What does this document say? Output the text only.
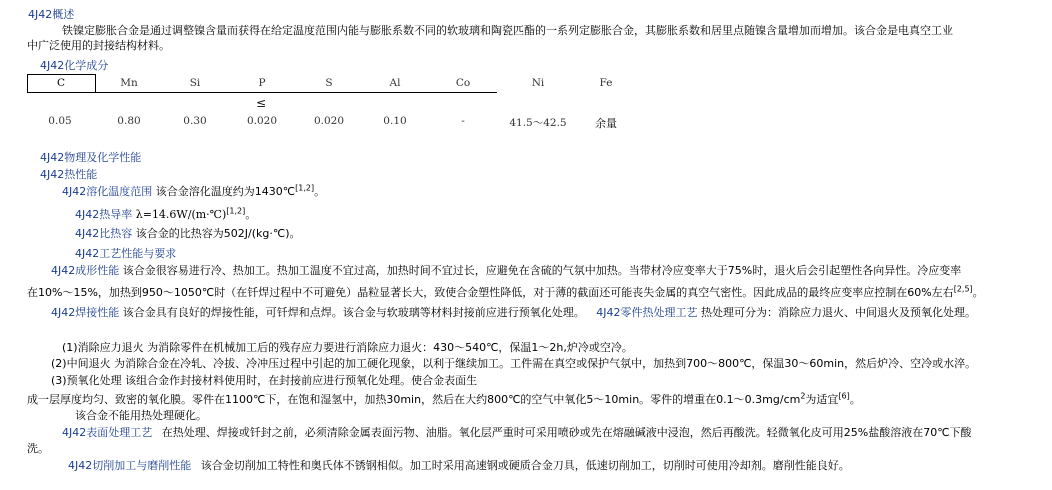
4J42概述
铁镍定膨胀合金是通过调整镍含量而获得在给定温度范围内能与膨胀系数不同的软玻璃和陶瓷匹酯的一系列定膨胀合金，其膨胀系数和居里点随镍含量增加而增加。该合金是电真空工业
中广泛使用的封接结构材料。
4J42化学成分
C	Mn	Si	P	S	Al	Co	Ni	Fe
≤
0.05	0.80	0.30	0.020	0.020	0.10	-	41.5～42.5	余量
4J42物理及化学性能
4J42热性能
4J42溶化温度范围 该合金溶化温度约为1430℃[1,2]。
4J42热导率 λ=14.6W/(m·℃)[1,2]。
4J42比热容 该合金的比热容为502J/(kg·℃)。
4J42工艺性能与要求
4J42成形性能 该合金很容易进行冷、热加工。热加工温度不宜过高，加热时间不宜过长，应避免在含硫的气氛中加热。当带材冷应变率大于75%时，退火后会引起塑性各向异性。冷应变率
在10%～15%，加热到950～1050℃时（在钎焊过程中不可避免）晶粒显著长大，致使合金塑性降低，对于薄的截面还可能丧失金属的真空气密性。因此成品的最终应变率应控制在60%左右[2,5]。
4J42焊接性能 该合金具有良好的焊接性能，可钎焊和点焊。该合金与软玻璃等材料封接前应进行预氧化处理。 4J42零件热处理工艺 热处理可分为：消除应力退火、中间退火及预氧化处理。
(1)消除应力退火 为消除零件在机械加工后的残存应力要进行消除应力退火：430～540℃，保温1～2h,炉冷或空冷。
(2)中间退火 为消除合金在冷轧、冷拔、冷冲压过程中引起的加工硬化现象，以利于继续加工。工件需在真空或保护气氛中，加热到700～800℃，保温30～60min，然后炉冷、空冷或水淬。
(3)预氧化处理 该组合金作封接材料使用时，在封接前应进行预氧化处理。使合金表面生
成一层厚度均匀、致密的氧化膜。零件在1100℃下，在饱和湿氢中，加热30min，然后在大约800℃的空气中氧化5～10min。零件的增重在$0.1\sim 0.3mg/cm^2$为适宜[6]。
该合金不能用热处理硬化。
4J42表面处理工艺 在热处理、焊接或钎封之前，必须清除金属表面污物、油脂。氧化层严重时可采用喷砂或先在熔融碱液中浸泡，然后再酸洗。轻微氧化皮可用25%盐酸溶液在70℃下酸
洗。
4J42切削加工与磨削性能 该合金切削加工特性和奥氏体不锈钢相似。加工时采用高速钢或硬质合金刀具，低速切削加工，切削时可使用冷却剂。磨削性能良好。
